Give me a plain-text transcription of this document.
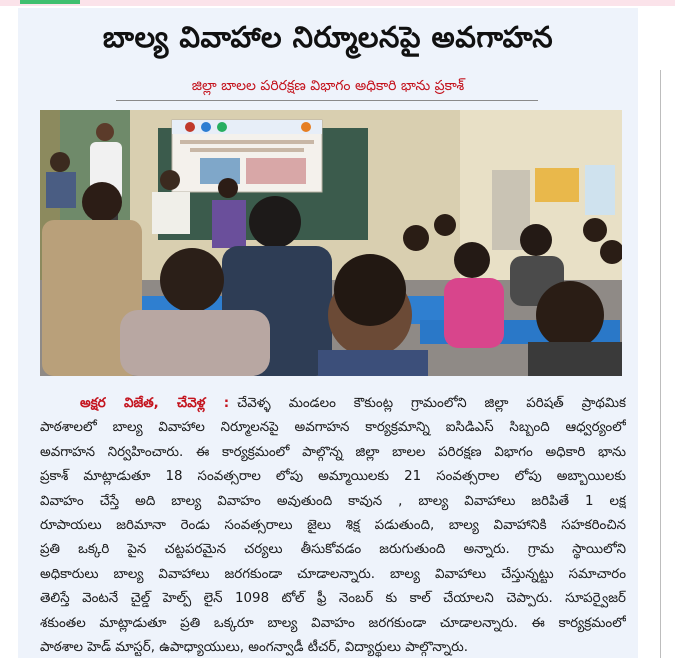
బాల్య వివాహాల నిర్మూలనపై అవగాహన
జిల్లా బాలల పరిరక్షణ విభాగం అధికారి భాను ప్రకాశ్
అక్షర విజేత, చేవెళ్ల : చేవెళ్ళ మండలం కౌకుంట్ల గ్రామంలోని జిల్లా పరిషత్ ప్రాథమిక
పాఠశాలలో బాల్య వివాహాల నిర్మూలనపై అవగాహన కార్యక్రమాన్ని ఐసిడిఎస్ సిబ్బంది ఆధ్వర్యంలో
అవగాహన నిర్వహించారు. ఈ కార్యక్రమంలో పాల్గొన్న జిల్లా బాలల పరిరక్షణ విభాగం అధికారి భాను
ప్రకాశ్ మాట్లాడుతూ 18 సంవత్సరాల లోపు అమ్మాయిలకు 21 సంవత్సరాల లోపు అబ్బాయిలకు
వివాహం చేస్తే అది బాల్య వివాహం అవుతుంది కావున , బాల్య వివాహాలు జరిపితే 1 లక్ష
రూపాయలు జరిమానా రెండు సంవత్సరాలు జైలు శిక్ష పడుతుంది, బాల్య వివాహానికి సహకరించిన
ప్రతి ఒక్కరి పైన చట్టపరమైన చర్యలు తీసుకోవడం జరుగుతుంది అన్నారు. గ్రామ స్థాయిలోని
అధికారులు బాల్య వివాహాలు జరగకుండా చూడాలన్నారు. బాల్య వివాహాలు చేస్తున్నట్టు సమాచారం
తెలిస్తే వెంటనే చైల్డ్ హెల్ప్ లైన్ 1098 టోల్ ఫ్రీ నెంబర్ కు కాల్ చేయాలని చెప్పారు. సూపర్వైజర్
శకుంతల మాట్లాడుతూ ప్రతి ఒక్కరూ బాల్య వివాహం జరగకుండా చూడాలన్నారు. ఈ కార్యక్రమంలో
పాఠశాల హెడ్ మాస్టర్, ఉపాధ్యాయులు, అంగన్వాడీ టీచర్, విద్యార్థులు పాల్గొన్నారు.
